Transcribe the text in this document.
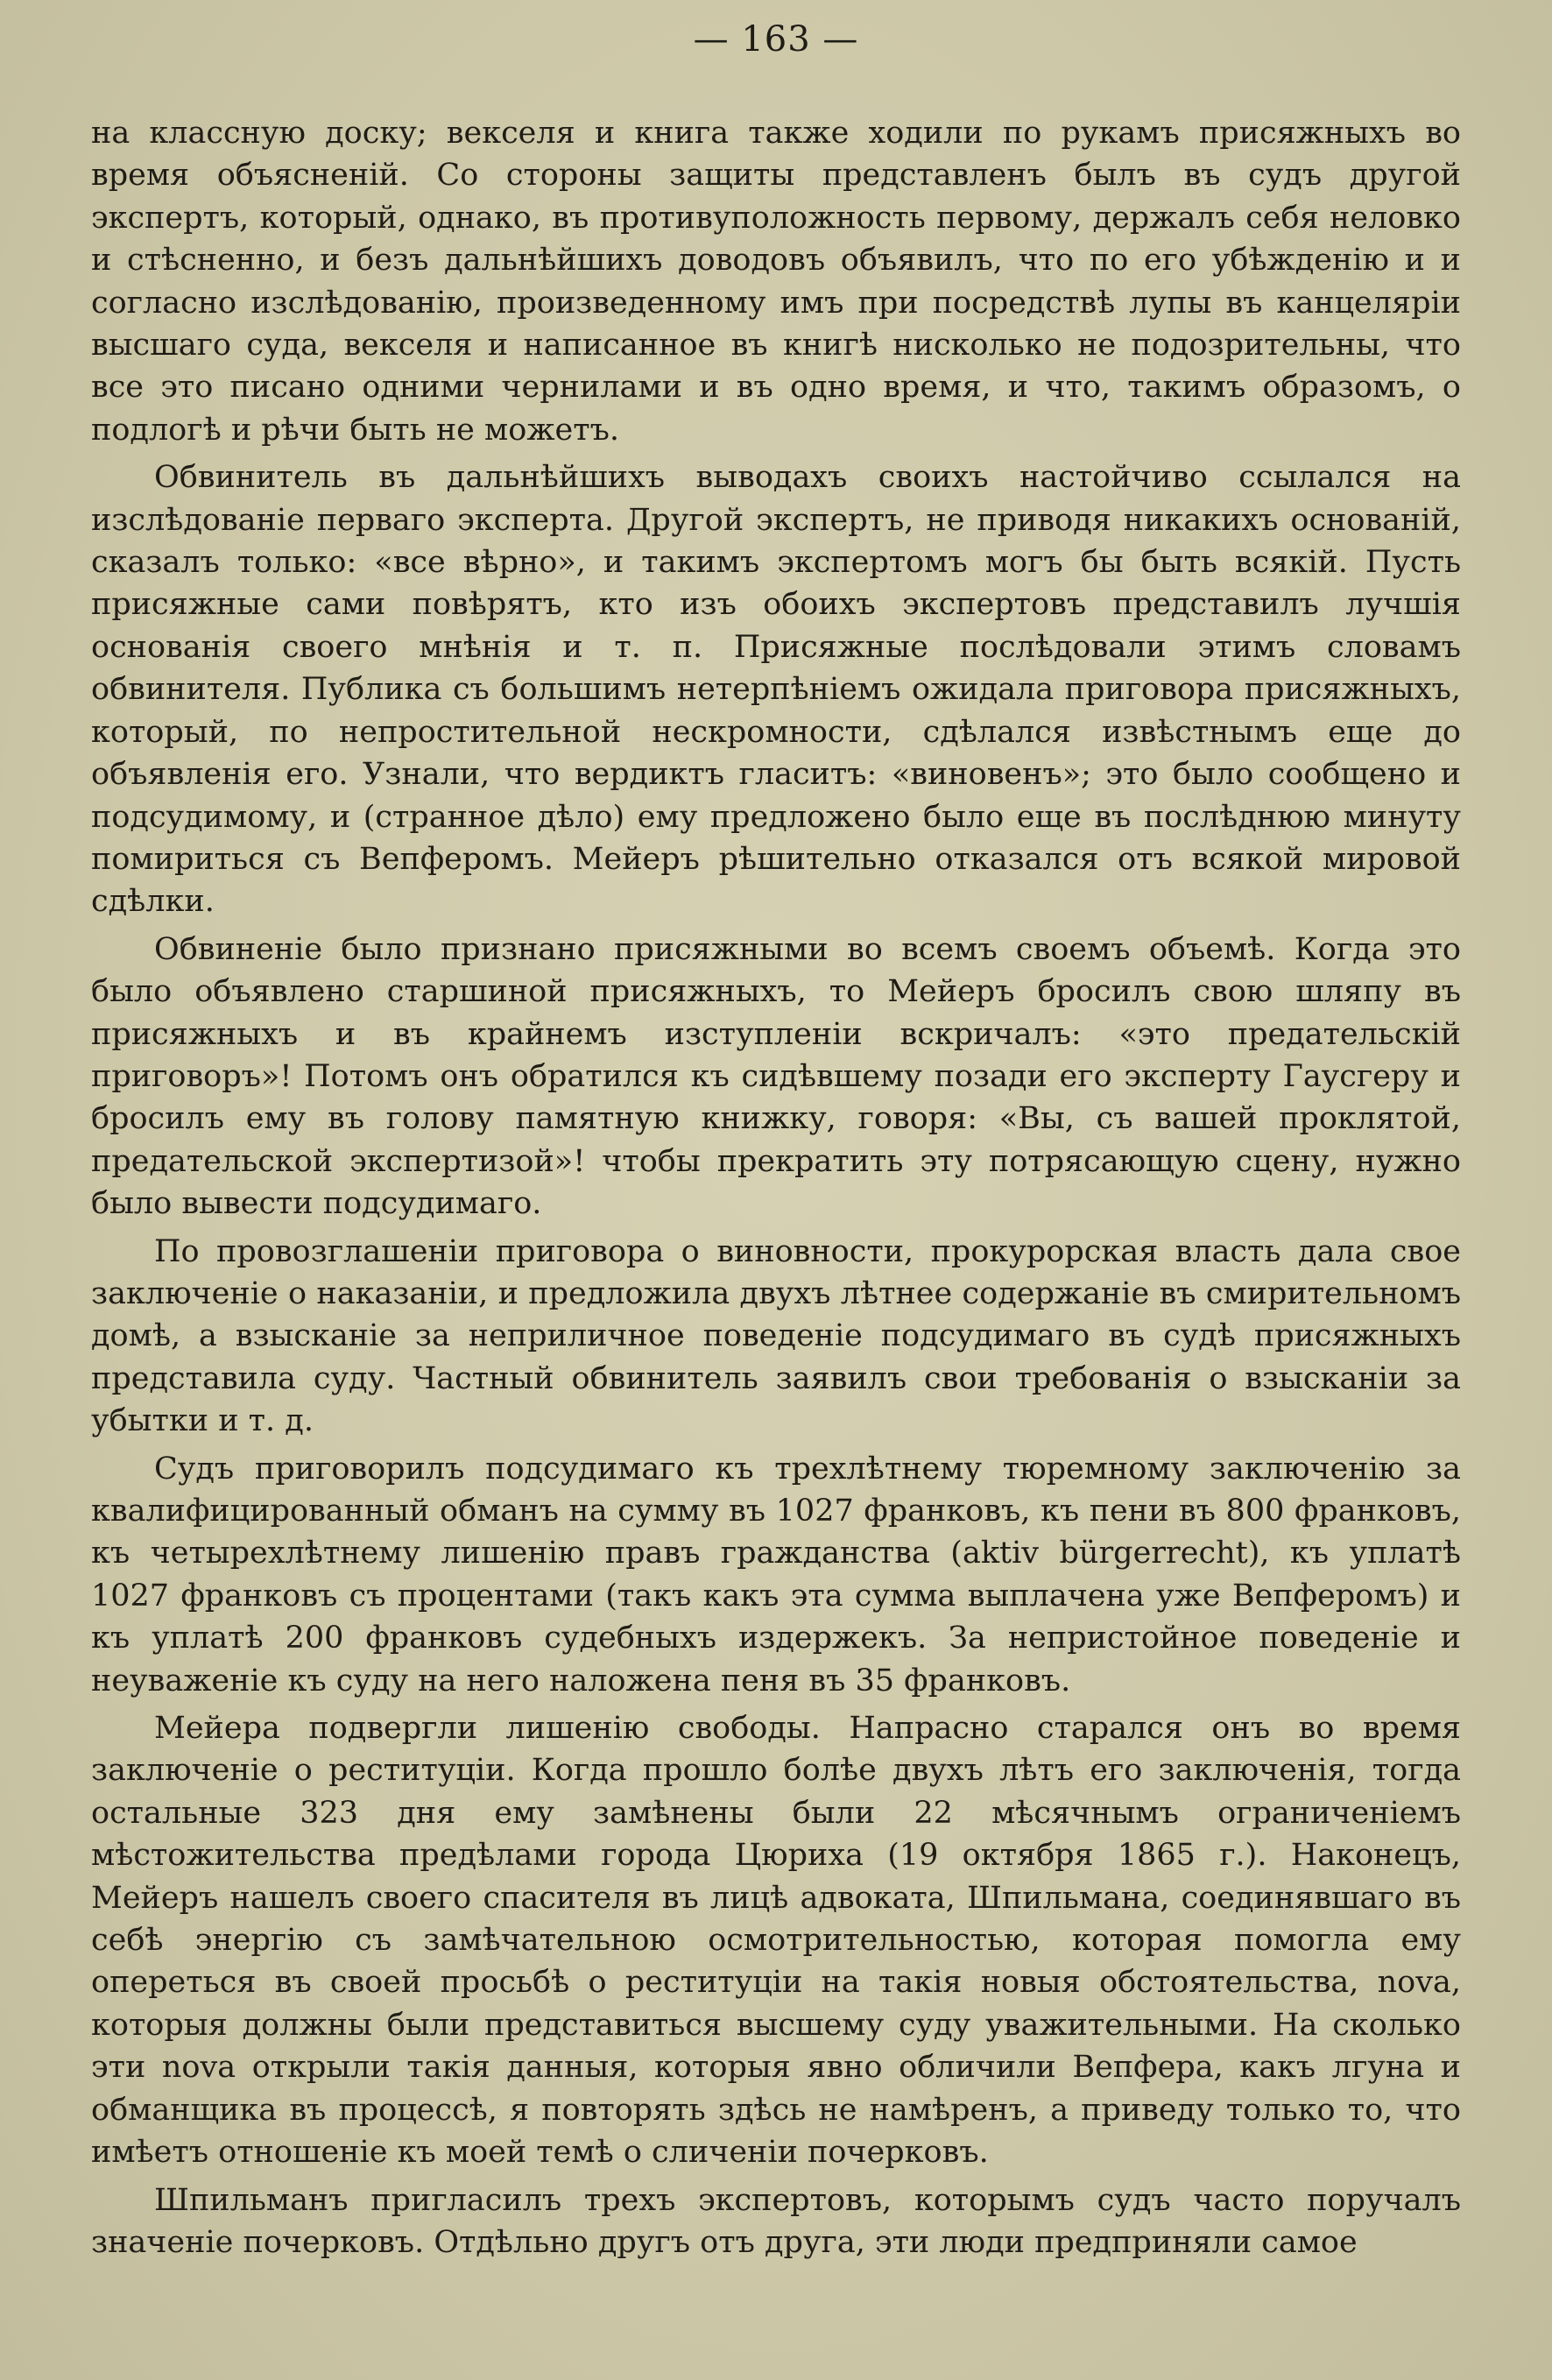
— 163 —

на классную доску; векселя и книга также ходили по рукамъ присяжныхъ во время объясненій. Со стороны защиты представленъ былъ въ судъ другой экспертъ, который, однако, въ противуположность первому, держалъ себя неловко и стѣсненно, и безъ дальнѣйшихъ доводовъ объявилъ, что по его убѣжденію и и согласно изслѣдованію, произведенному имъ при посредствѣ лупы въ канцеляріи высшаго суда, векселя и написанное въ книгѣ нисколько не подозрительны, что все это писано одними чернилами и въ одно время, и что, такимъ образомъ, о подлогѣ и рѣчи быть не можетъ.

Обвинитель въ дальнѣйшихъ выводахъ своихъ настойчиво ссылался на изслѣдованіе перваго эксперта. Другой экспертъ, не приводя никакихъ основаній, сказалъ только: «все вѣрно», и такимъ экспертомъ могъ бы быть всякій. Пусть присяжные сами повѣрятъ, кто изъ обоихъ экспертовъ представилъ лучшія основанія своего мнѣнія и т. п. Присяжные послѣдовали этимъ словамъ обвинителя. Публика съ большимъ нетерпѣніемъ ожидала приговора присяжныхъ, который, по непростительной нескромности, сдѣлался извѣстнымъ еще до объявленія его. Узнали, что вердиктъ гласитъ: «виновенъ»; это было сообщено и подсудимому, и (странное дѣло) ему предложено было еще въ послѣднюю минуту помириться съ Вепферомъ. Мейеръ рѣшительно отказался отъ всякой мировой сдѣлки.

Обвиненіе было признано присяжными во всемъ своемъ объемѣ. Когда это было объявлено старшиной присяжныхъ, то Мейеръ бросилъ свою шляпу въ присяжныхъ и въ крайнемъ изступленіи вскричалъ: «это предательскій приговоръ»! Потомъ онъ обратился къ сидѣвшему позади его эксперту Гаусгеру и бросилъ ему въ голову памятную книжку, говоря: «Вы, съ вашей проклятой, предательской экспертизой»! чтобы прекратить эту потрясающую сцену, нужно было вывести подсудимаго.

По провозглашеніи приговора о виновности, прокурорская власть дала свое заключеніе о наказаніи, и предложила двухъ лѣтнее содержаніе въ смирительномъ домѣ, а взысканіе за неприличное поведеніе подсудимаго въ судѣ присяжныхъ представила суду. Частный обвинитель заявилъ свои требованія о взысканіи за убытки и т. д.

Судъ приговорилъ подсудимаго къ трехлѣтнему тюремному заключенію за квалифицированный обманъ на сумму въ 1027 франковъ, къ пени въ 800 франковъ, къ четырехлѣтнему лишенію правъ гражданства (aktiv bürgerrecht), къ уплатѣ 1027 франковъ съ процентами (такъ какъ эта сумма выплачена уже Вепферомъ) и къ уплатѣ 200 франковъ судебныхъ издержекъ. За непристойное поведеніе и неуваженіе къ суду на него наложена пеня въ 35 франковъ.

Мейера подвергли лишенію свободы. Напрасно старался онъ во время заключеніе о реституціи. Когда прошло болѣе двухъ лѣтъ его заключенія, тогда остальные 323 дня ему замѣнены были 22 мѣсячнымъ ограниченіемъ мѣстожительства предѣлами города Цюриха (19 октября 1865 г.). Наконецъ, Мейеръ нашелъ своего спасителя въ лицѣ адвоката, Шпильмана, соединявшаго въ себѣ энергію съ замѣчательною осмотрительностью, которая помогла ему опереться въ своей просьбѣ о реституціи на такія новыя обстоятельства, nova, которыя должны были представиться высшему суду уважительными. На сколько эти nova открыли такія данныя, которыя явно обличили Вепфера, какъ лгуна и обманщика въ процессѣ, я повторять здѣсь не намѣренъ, а приведу только то, что имѣетъ отношеніе къ моей темѣ о сличеніи почерковъ.

Шпильманъ пригласилъ трехъ экспертовъ, которымъ судъ часто поручалъ значеніе почерковъ. Отдѣльно другъ отъ друга, эти люди предприняли самое
